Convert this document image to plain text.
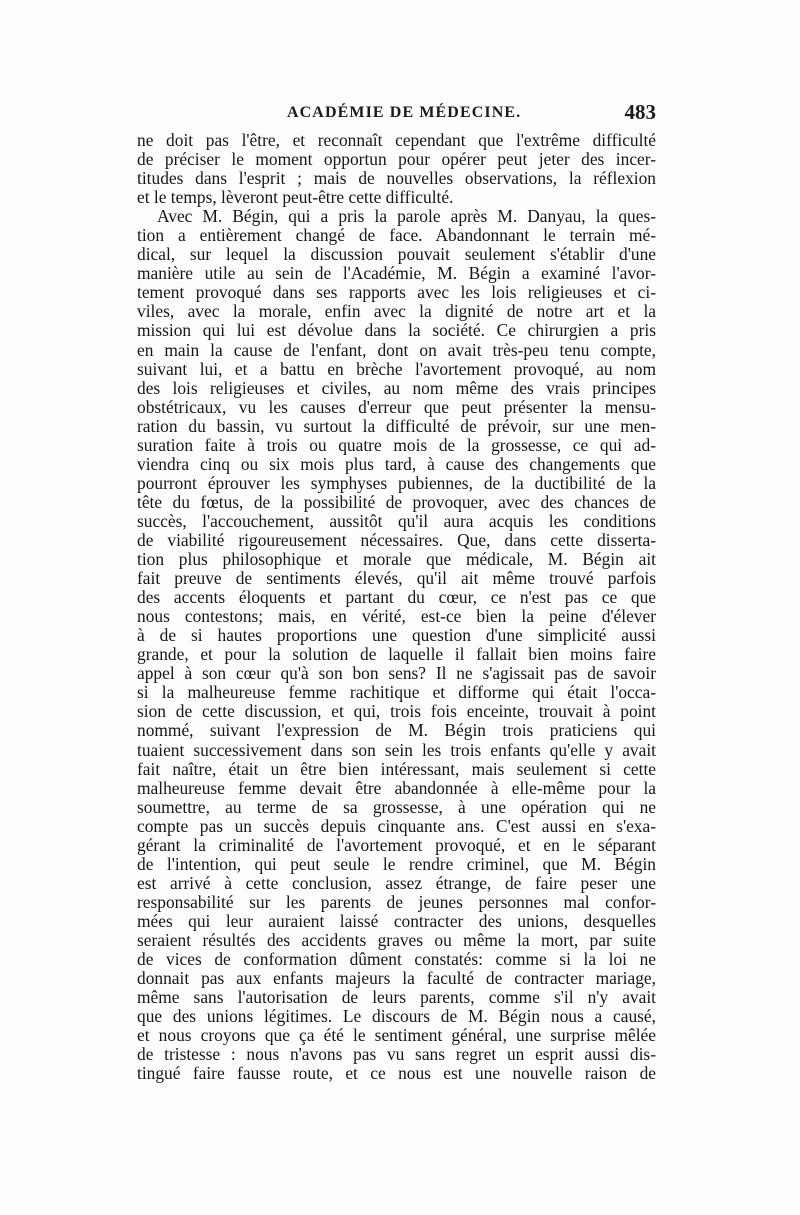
ACADÉMIE DE MÉDECINE.	483
ne doit pas l'être, et reconnaît cependant que l'extrême difficulté
de préciser le moment opportun pour opérer peut jeter des incer-
titudes dans l'esprit ; mais de nouvelles observations, la réflexion
et le temps, lèveront peut-être cette difficulté.
Avec M. Bégin, qui a pris la parole après M. Danyau, la ques-
tion a entièrement changé de face. Abandonnant le terrain mé-
dical, sur lequel la discussion pouvait seulement s'établir d'une
manière utile au sein de l'Académie, M. Bégin a examiné l'avor-
tement provoqué dans ses rapports avec les lois religieuses et ci-
viles, avec la morale, enfin avec la dignité de notre art et la
mission qui lui est dévolue dans la société. Ce chirurgien a pris
en main la cause de l'enfant, dont on avait très-peu tenu compte,
suivant lui, et a battu en brèche l'avortement provoqué, au nom
des lois religieuses et civiles, au nom même des vrais principes
obstétricaux, vu les causes d'erreur que peut présenter la mensu-
ration du bassin, vu surtout la difficulté de prévoir, sur une men-
suration faite à trois ou quatre mois de la grossesse, ce qui ad-
viendra cinq ou six mois plus tard, à cause des changements que
pourront éprouver les symphyses pubiennes, de la ductibilité de la
tête du fœtus, de la possibilité de provoquer, avec des chances de
succès, l'accouchement, aussitôt qu'il aura acquis les conditions
de viabilité rigoureusement nécessaires. Que, dans cette disserta-
tion plus philosophique et morale que médicale, M. Bégin ait
fait preuve de sentiments élevés, qu'il ait même trouvé parfois
des accents éloquents et partant du cœur, ce n'est pas ce que
nous contestons; mais, en vérité, est-ce bien la peine d'élever
à de si hautes proportions une question d'une simplicité aussi
grande, et pour la solution de laquelle il fallait bien moins faire
appel à son cœur qu'à son bon sens? Il ne s'agissait pas de savoir
si la malheureuse femme rachitique et difforme qui était l'occa-
sion de cette discussion, et qui, trois fois enceinte, trouvait à point
nommé, suivant l'expression de M. Bégin trois praticiens qui
tuaient successivement dans son sein les trois enfants qu'elle y avait
fait naître, était un être bien intéressant, mais seulement si cette
malheureuse femme devait être abandonnée à elle-même pour la
soumettre, au terme de sa grossesse, à une opération qui ne
compte pas un succès depuis cinquante ans. C'est aussi en s'exa-
gérant la criminalité de l'avortement provoqué, et en le séparant
de l'intention, qui peut seule le rendre criminel, que M. Bégin
est arrivé à cette conclusion, assez étrange, de faire peser une
responsabilité sur les parents de jeunes personnes mal confor-
mées qui leur auraient laissé contracter des unions, desquelles
seraient résultés des accidents graves ou même la mort, par suite
de vices de conformation dûment constatés: comme si la loi ne
donnait pas aux enfants majeurs la faculté de contracter mariage,
même sans l'autorisation de leurs parents, comme s'il n'y avait
que des unions légitimes. Le discours de M. Bégin nous a causé,
et nous croyons que ça été le sentiment général, une surprise mêlée
de tristesse : nous n'avons pas vu sans regret un esprit aussi dis-
tingué faire fausse route, et ce nous est une nouvelle raison de
